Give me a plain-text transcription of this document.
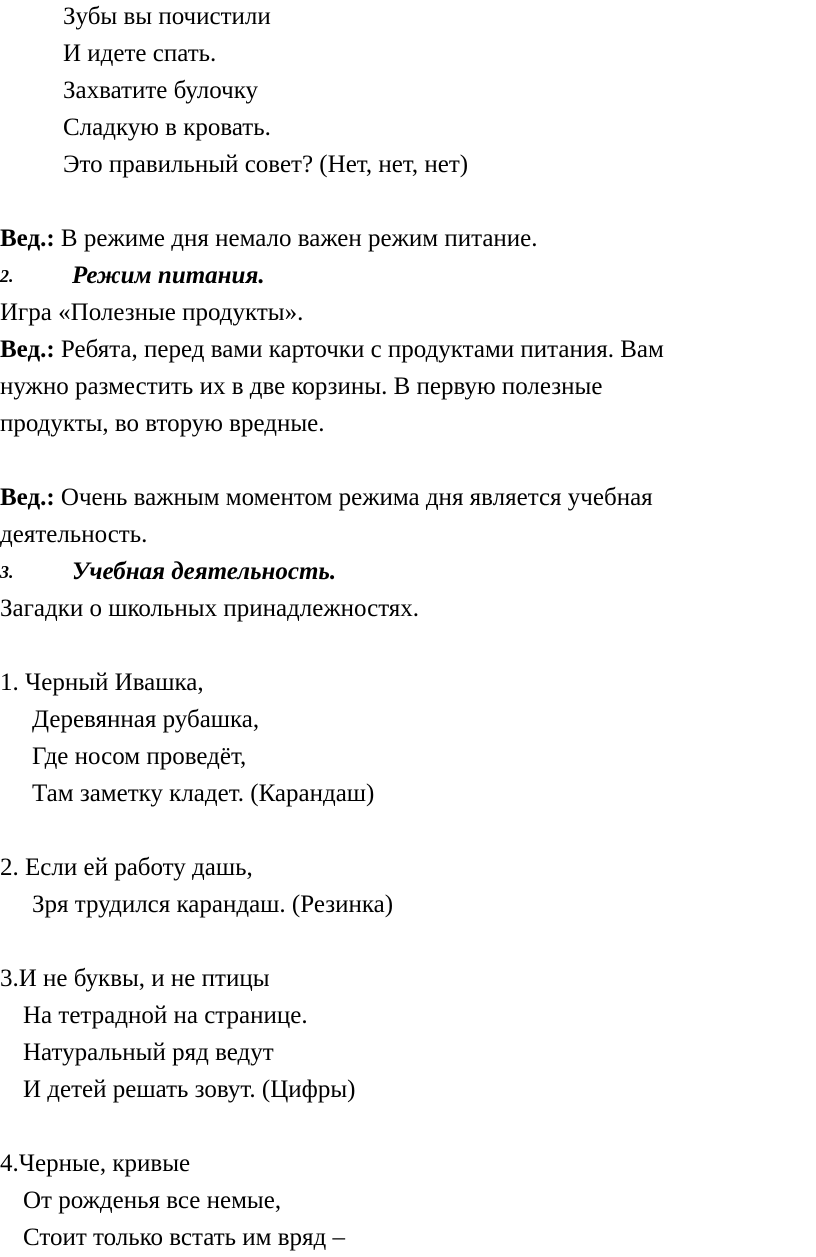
Зубы вы почистили
И идете спать.
Захватите булочку
Сладкую в кровать.
Это правильный совет? (Нет, нет, нет)
Вед.: В режиме дня немало важен режим питание.
2. Режим питания.
Игра «Полезные продукты».
Вед.: Ребята, перед вами карточки с продуктами питания. Вам
нужно разместить их в две корзины. В первую полезные
продукты, во вторую вредные.
Вед.: Очень важным моментом режима дня является учебная
деятельность.
3. Учебная деятельность.
Загадки о школьных принадлежностях.
1. Черный Ивашка,
Деревянная рубашка,
Где носом проведёт,
Там заметку кладет. (Карандаш)
2. Если ей работу дашь,
Зря трудился карандаш. (Резинка)
3.И не буквы, и не птицы
На тетрадной на странице.
Натуральный ряд ведут
И детей решать зовут. (Цифры)
4.Черные, кривые
От рожденья все немые,
Стоит только встать им вряд –
